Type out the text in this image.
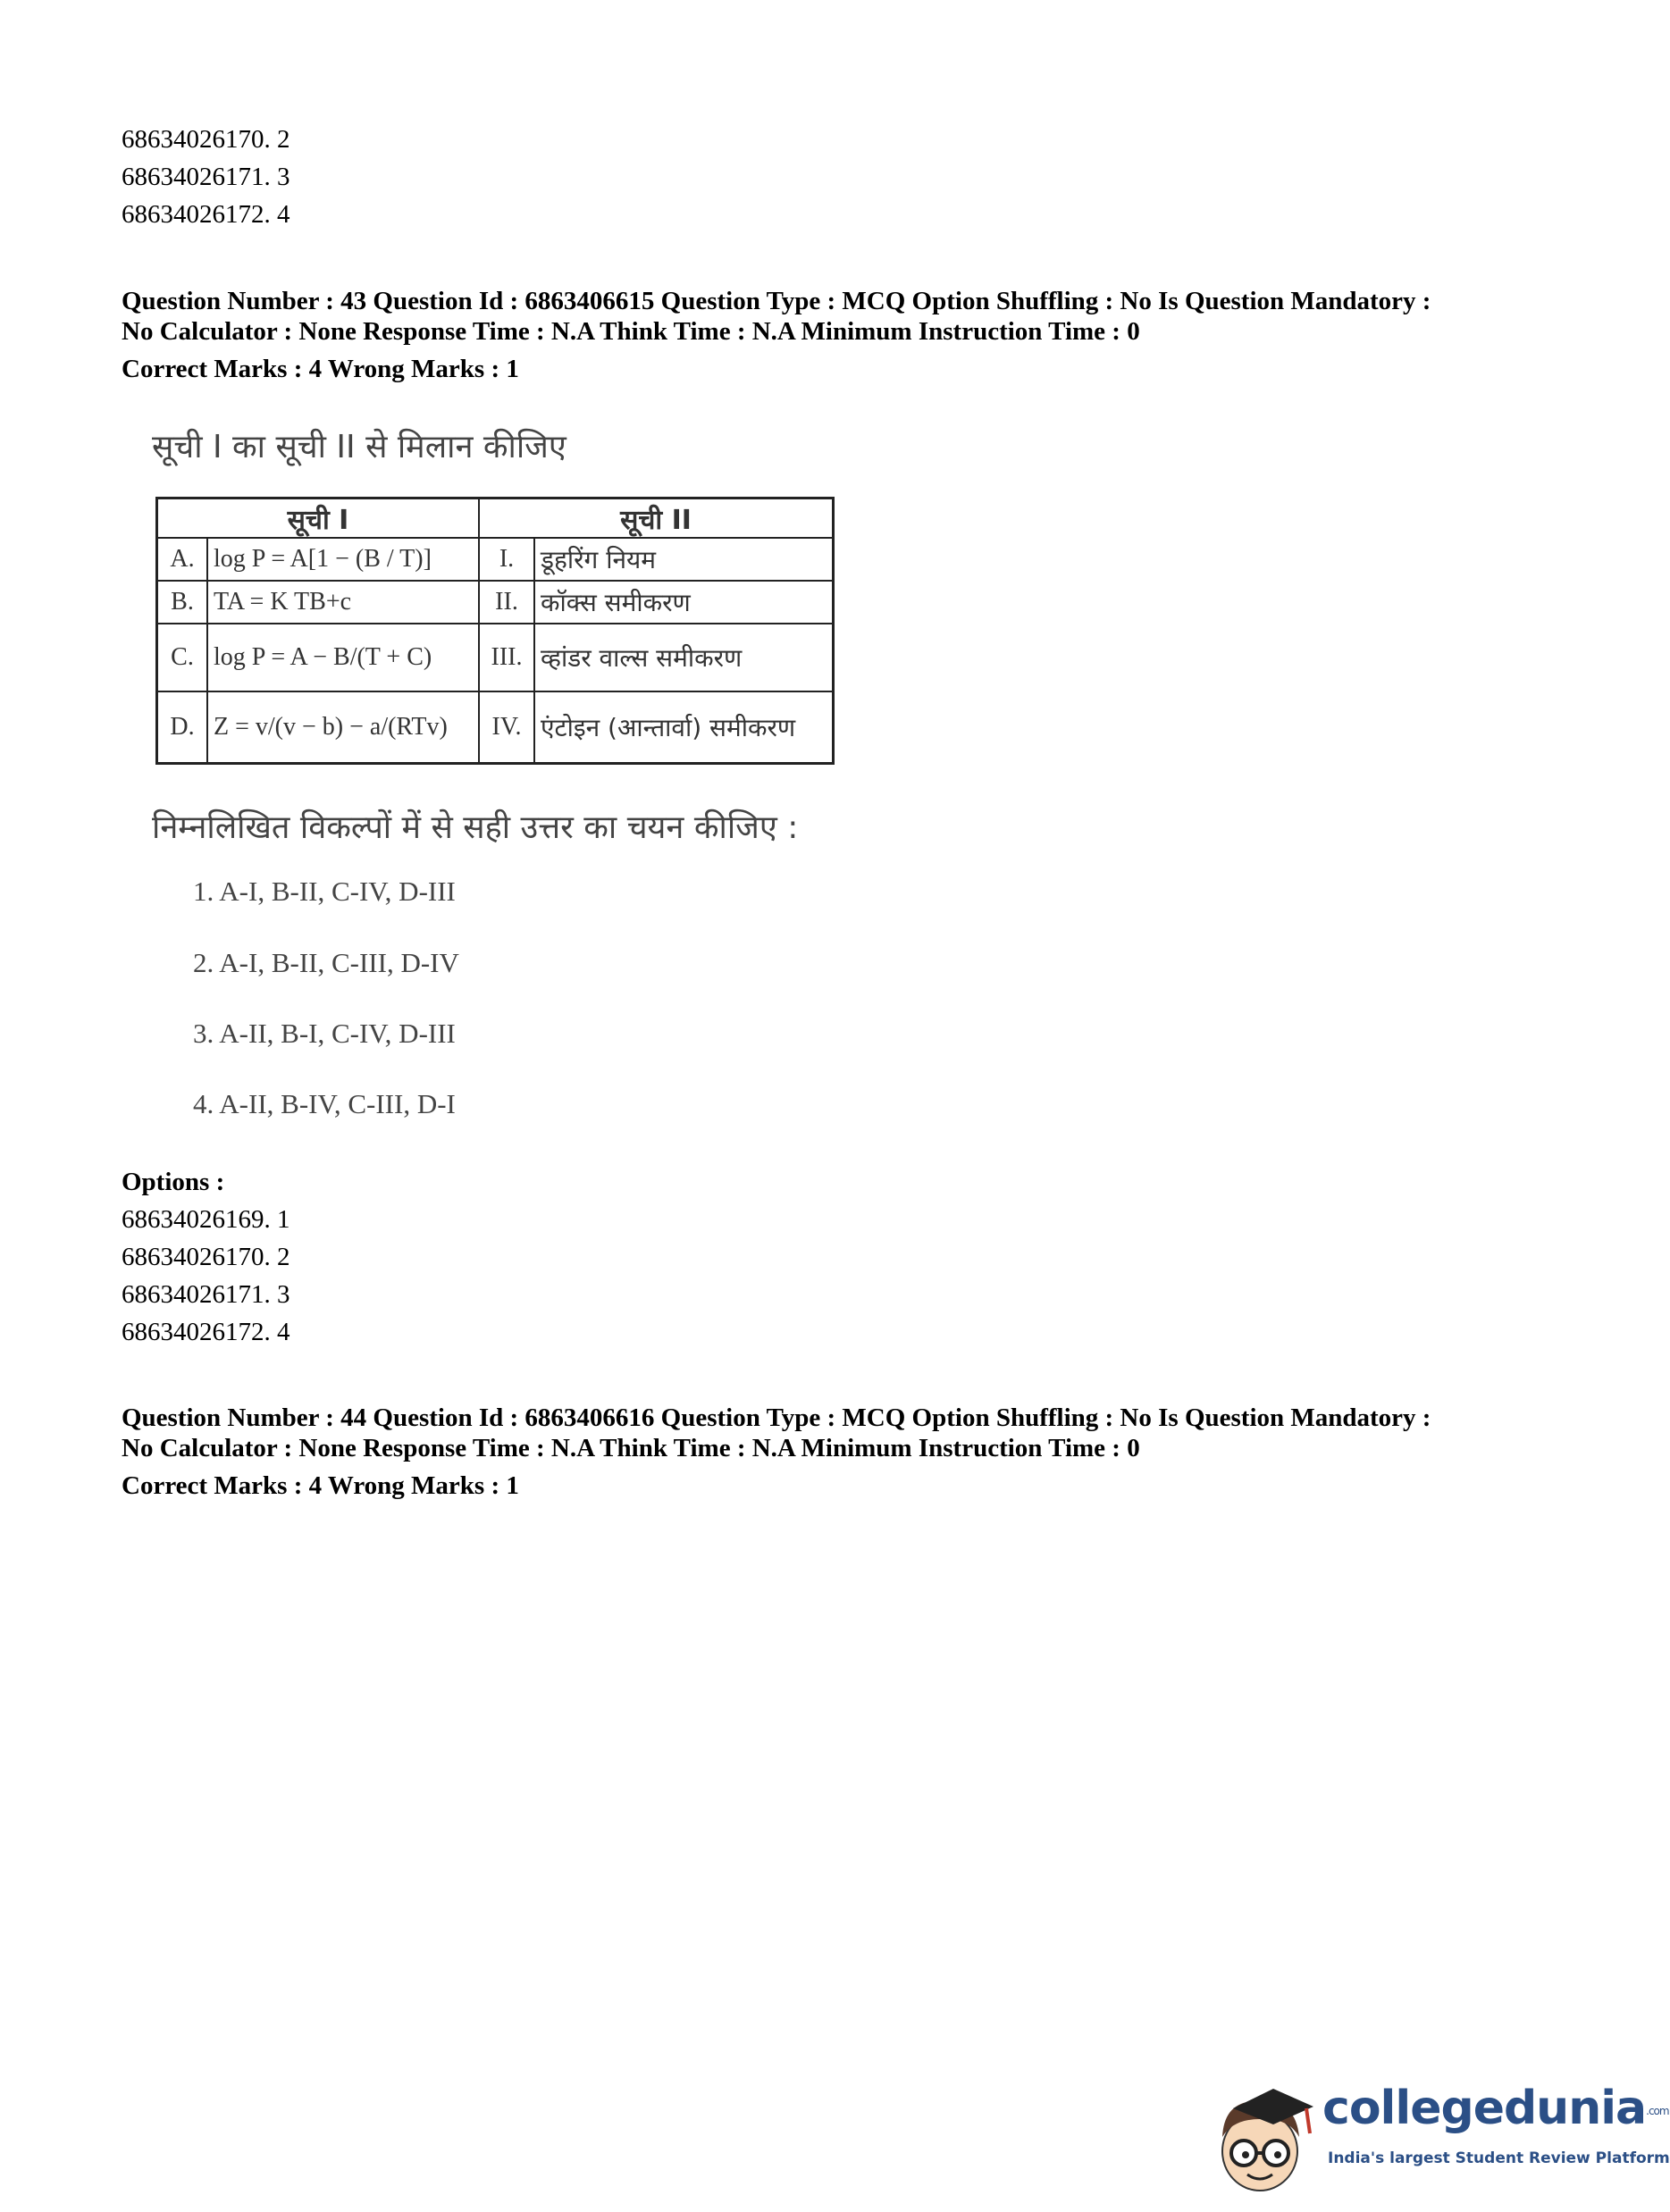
68634026170. 2
68634026171. 3
68634026172. 4
Question Number : 43 Question Id : 6863406615 Question Type : MCQ Option Shuffling : No Is Question Mandatory :
No Calculator : None Response Time : N.A Think Time : N.A Minimum Instruction Time : 0
Correct Marks : 4 Wrong Marks : 1
सूची I का सूची II से मिलान कीजिए
सूची I		सूची II	
A.	log P = A[1 − (B / T)]	I.	डूहरिंग नियम
B.	TA = K TB+c	II.	कॉक्स समीकरण
C.	log P = A − B/(T + C)	III.	व्हांडर वाल्स समीकरण
D.	Z = v/(v − b) − a/(RTv)	IV.	एंटोइन (आन्तार्वा) समीकरण
निम्नलिखित विकल्पों में से सही उत्तर का चयन कीजिए :
1. A-I, B-II, C-IV, D-III
2. A-I, B-II, C-III, D-IV
3. A-II, B-I, C-IV, D-III
4. A-II, B-IV, C-III, D-I
Options :
68634026169. 1
68634026170. 2
68634026171. 3
68634026172. 4
Question Number : 44 Question Id : 6863406616 Question Type : MCQ Option Shuffling : No Is Question Mandatory :
No Calculator : None Response Time : N.A Think Time : N.A Minimum Instruction Time : 0
Correct Marks : 4 Wrong Marks : 1
collegedunia.com
India's largest Student Review Platform
